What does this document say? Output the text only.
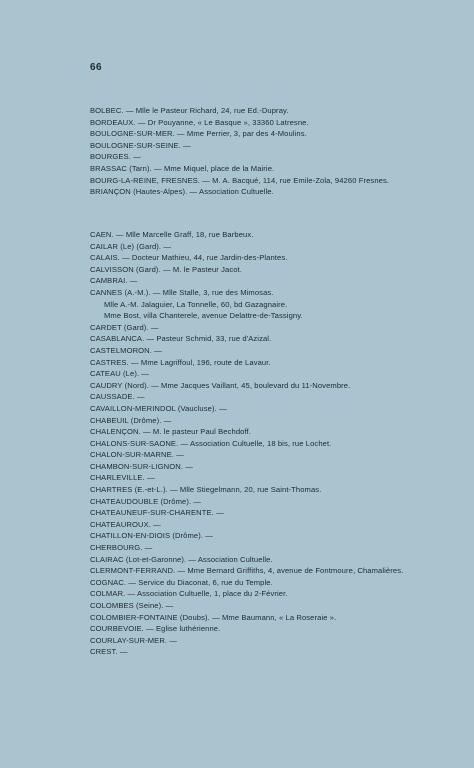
66
BOLBEC. — Mlle le Pasteur Richard, 24, rue Ed.-Dupray.
BORDEAUX. — Dr Pouyanne, « Le Basque », 33360 Latresne.
BOULOGNE-SUR-MER. — Mme Perrier, 3, par des 4-Moulins.
BOULOGNE-SUR-SEINE. —
BOURGES. —
BRASSAC (Tarn). — Mme Miquel, place de la Mairie.
BOURG-LA-REINE, FRESNES. — M. A. Bacqué, 114, rue Emile-Zola, 94260 Fresnes.
BRIANÇON (Hautes-Alpes). — Association Cultuelle.
CAEN. — Mlle Marcelle Graff, 18, rue Barbeux.
CAILAR (Le) (Gard). —
CALAIS. — Docteur Mathieu, 44, rue Jardin-des-Plantes.
CALVISSON (Gard). — M. le Pasteur Jacot.
CAMBRAI. —
CANNES (A.-M.). — Mlle Stalle, 3, rue des Mimosas.
Mlle A.-M. Jalaguier, La Tonnelle, 60, bd Gazagnaire.
Mme Bost, villa Chanterele, avenue Delattre-de-Tassigny.
CARDET (Gard). —
CASABLANCA. — Pasteur Schmid, 33, rue d'Azizal.
CASTELMORON. —
CASTRES. — Mme Lagriffoul, 196, route de Lavaur.
CATEAU (Le). —
CAUDRY (Nord). — Mme Jacques Vaillant, 45, boulevard du 11-Novembre.
CAUSSADE. —
CAVAILLON-MERINDOL (Vaucluse). —
CHABEUIL (Drôme). —
CHALENÇON. — M. le pasteur Paul Bechdoff.
CHALONS-SUR-SAONE. — Association Cultuelle, 18 bis, rue Lochet.
CHALON-SUR-MARNE. —
CHAMBON-SUR-LIGNON. —
CHARLEVILLE. —
CHARTRES (E.-et-L.). — Mlle Stiegelmann, 20, rue Saint-Thomas.
CHATEAUDOUBLE (Drôme). —
CHATEAUNEUF-SUR-CHARENTE. —
CHATEAUROUX. —
CHATILLON-EN-DIOIS (Drôme). —
CHERBOURG. —
CLAIRAC (Lot-et-Garonne). — Association Cultuelle.
CLERMONT-FERRAND. — Mme Bernard Griffiths, 4, avenue de Fontmoure, Chamalières.
COGNAC. — Service du Diaconat, 6, rue du Temple.
COLMAR. — Association Cultuelle, 1, place du 2-Février.
COLOMBES (Seine). —
COLOMBIER-FONTAINE (Doubs). — Mme Baumann, « La Roseraie ».
COURBEVOIE. — Eglise luthérienne.
COURLAY-SUR-MER. —
CREST. —
